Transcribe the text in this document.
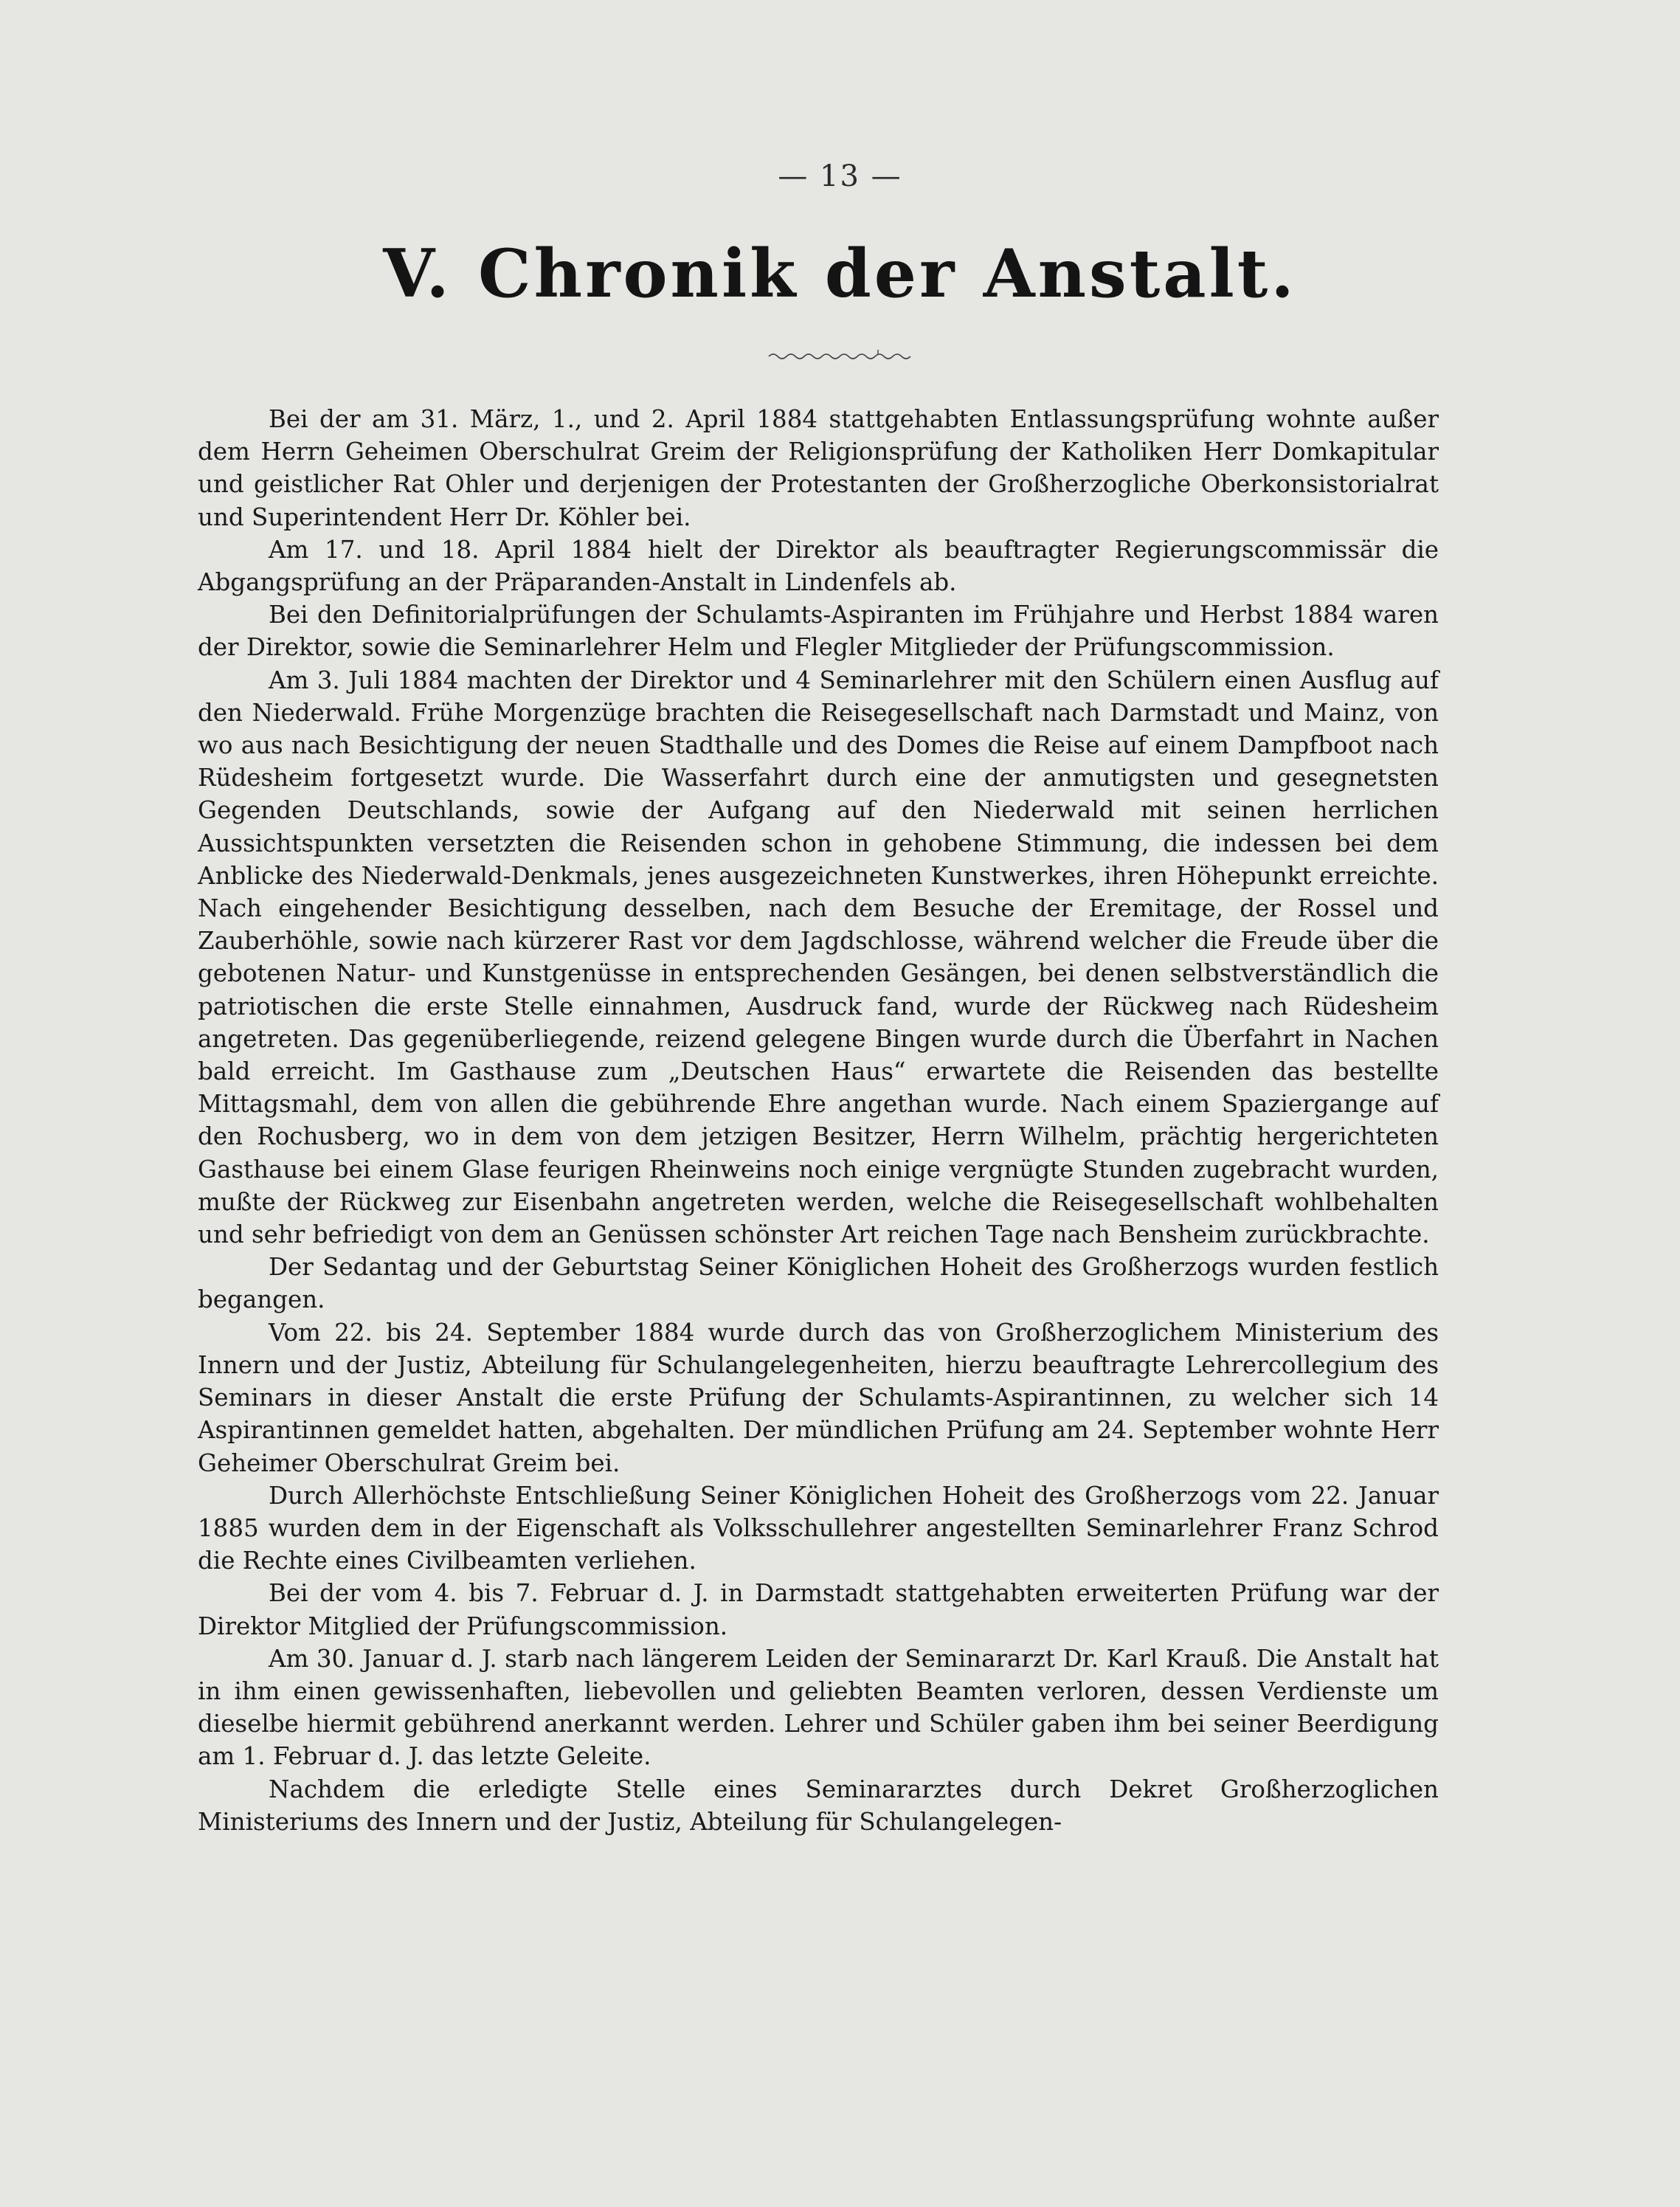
— 13 —
V. Chronik der Anstalt.

Bei der am 31. März, 1., und 2. April 1884 stattgehabten Entlassungsprüfung wohnte außer dem Herrn Geheimen Oberschulrat Greim der Religionsprüfung der Katholiken Herr Domkapitular und geistlicher Rat Ohler und derjenigen der Protestanten der Großherzogliche Oberkonsistorialrat und Superintendent Herr Dr. Köhler bei.

Am 17. und 18. April 1884 hielt der Direktor als beauftragter Regierungscommissär die Abgangsprüfung an der Präparanden-Anstalt in Lindenfels ab.

Bei den Definitorialprüfungen der Schulamts-Aspiranten im Frühjahre und Herbst 1884 waren der Direktor, sowie die Seminarlehrer Helm und Flegler Mitglieder der Prüfungscommission.

Am 3. Juli 1884 machten der Direktor und 4 Seminarlehrer mit den Schülern einen Ausflug auf den Niederwald. Frühe Morgenzüge brachten die Reisegesellschaft nach Darmstadt und Mainz, von wo aus nach Besichtigung der neuen Stadthalle und des Domes die Reise auf einem Dampfboot nach Rüdesheim fortgesetzt wurde. Die Wasserfahrt durch eine der anmutigsten und gesegnetsten Gegenden Deutschlands, sowie der Aufgang auf den Niederwald mit seinen herrlichen Aussichtspunkten versetzten die Reisenden schon in gehobene Stimmung, die indessen bei dem Anblicke des Niederwald-Denkmals, jenes ausgezeichneten Kunstwerkes, ihren Höhepunkt erreichte. Nach eingehender Besichtigung desselben, nach dem Besuche der Eremitage, der Rossel und Zauberhöhle, sowie nach kürzerer Rast vor dem Jagdschlosse, während welcher die Freude über die gebotenen Natur- und Kunstgenüsse in entsprechenden Gesängen, bei denen selbstverständlich die patriotischen die erste Stelle einnahmen, Ausdruck fand, wurde der Rückweg nach Rüdesheim angetreten. Das gegenüberliegende, reizend gelegene Bingen wurde durch die Überfahrt in Nachen bald erreicht. Im Gasthause zum „Deutschen Haus“ erwartete die Reisenden das bestellte Mittagsmahl, dem von allen die gebührende Ehre angethan wurde. Nach einem Spaziergange auf den Rochusberg, wo in dem von dem jetzigen Besitzer, Herrn Wilhelm, prächtig hergerichteten Gasthause bei einem Glase feurigen Rheinweins noch einige vergnügte Stunden zugebracht wurden, mußte der Rückweg zur Eisenbahn angetreten werden, welche die Reisegesellschaft wohlbehalten und sehr befriedigt von dem an Genüssen schönster Art reichen Tage nach Bensheim zurückbrachte.

Der Sedantag und der Geburtstag Seiner Königlichen Hoheit des Großherzogs wurden festlich begangen.

Vom 22. bis 24. September 1884 wurde durch das von Großherzoglichem Ministerium des Innern und der Justiz, Abteilung für Schulangelegenheiten, hierzu beauftragte Lehrercollegium des Seminars in dieser Anstalt die erste Prüfung der Schulamts-Aspirantinnen, zu welcher sich 14 Aspirantinnen gemeldet hatten, abgehalten. Der mündlichen Prüfung am 24. September wohnte Herr Geheimer Oberschulrat Greim bei.

Durch Allerhöchste Entschließung Seiner Königlichen Hoheit des Großherzogs vom 22. Januar 1885 wurden dem in der Eigenschaft als Volksschullehrer angestellten Seminarlehrer Franz Schrod die Rechte eines Civilbeamten verliehen.

Bei der vom 4. bis 7. Februar d. J. in Darmstadt stattgehabten erweiterten Prüfung war der Direktor Mitglied der Prüfungscommission.

Am 30. Januar d. J. starb nach längerem Leiden der Seminararzt Dr. Karl Krauß. Die Anstalt hat in ihm einen gewissenhaften, liebevollen und geliebten Beamten verloren, dessen Verdienste um dieselbe hiermit gebührend anerkannt werden. Lehrer und Schüler gaben ihm bei seiner Beerdigung am 1. Februar d. J. das letzte Geleite.

Nachdem die erledigte Stelle eines Seminararztes durch Dekret Großherzoglichen Ministeriums des Innern und der Justiz, Abteilung für Schulangelegen-
